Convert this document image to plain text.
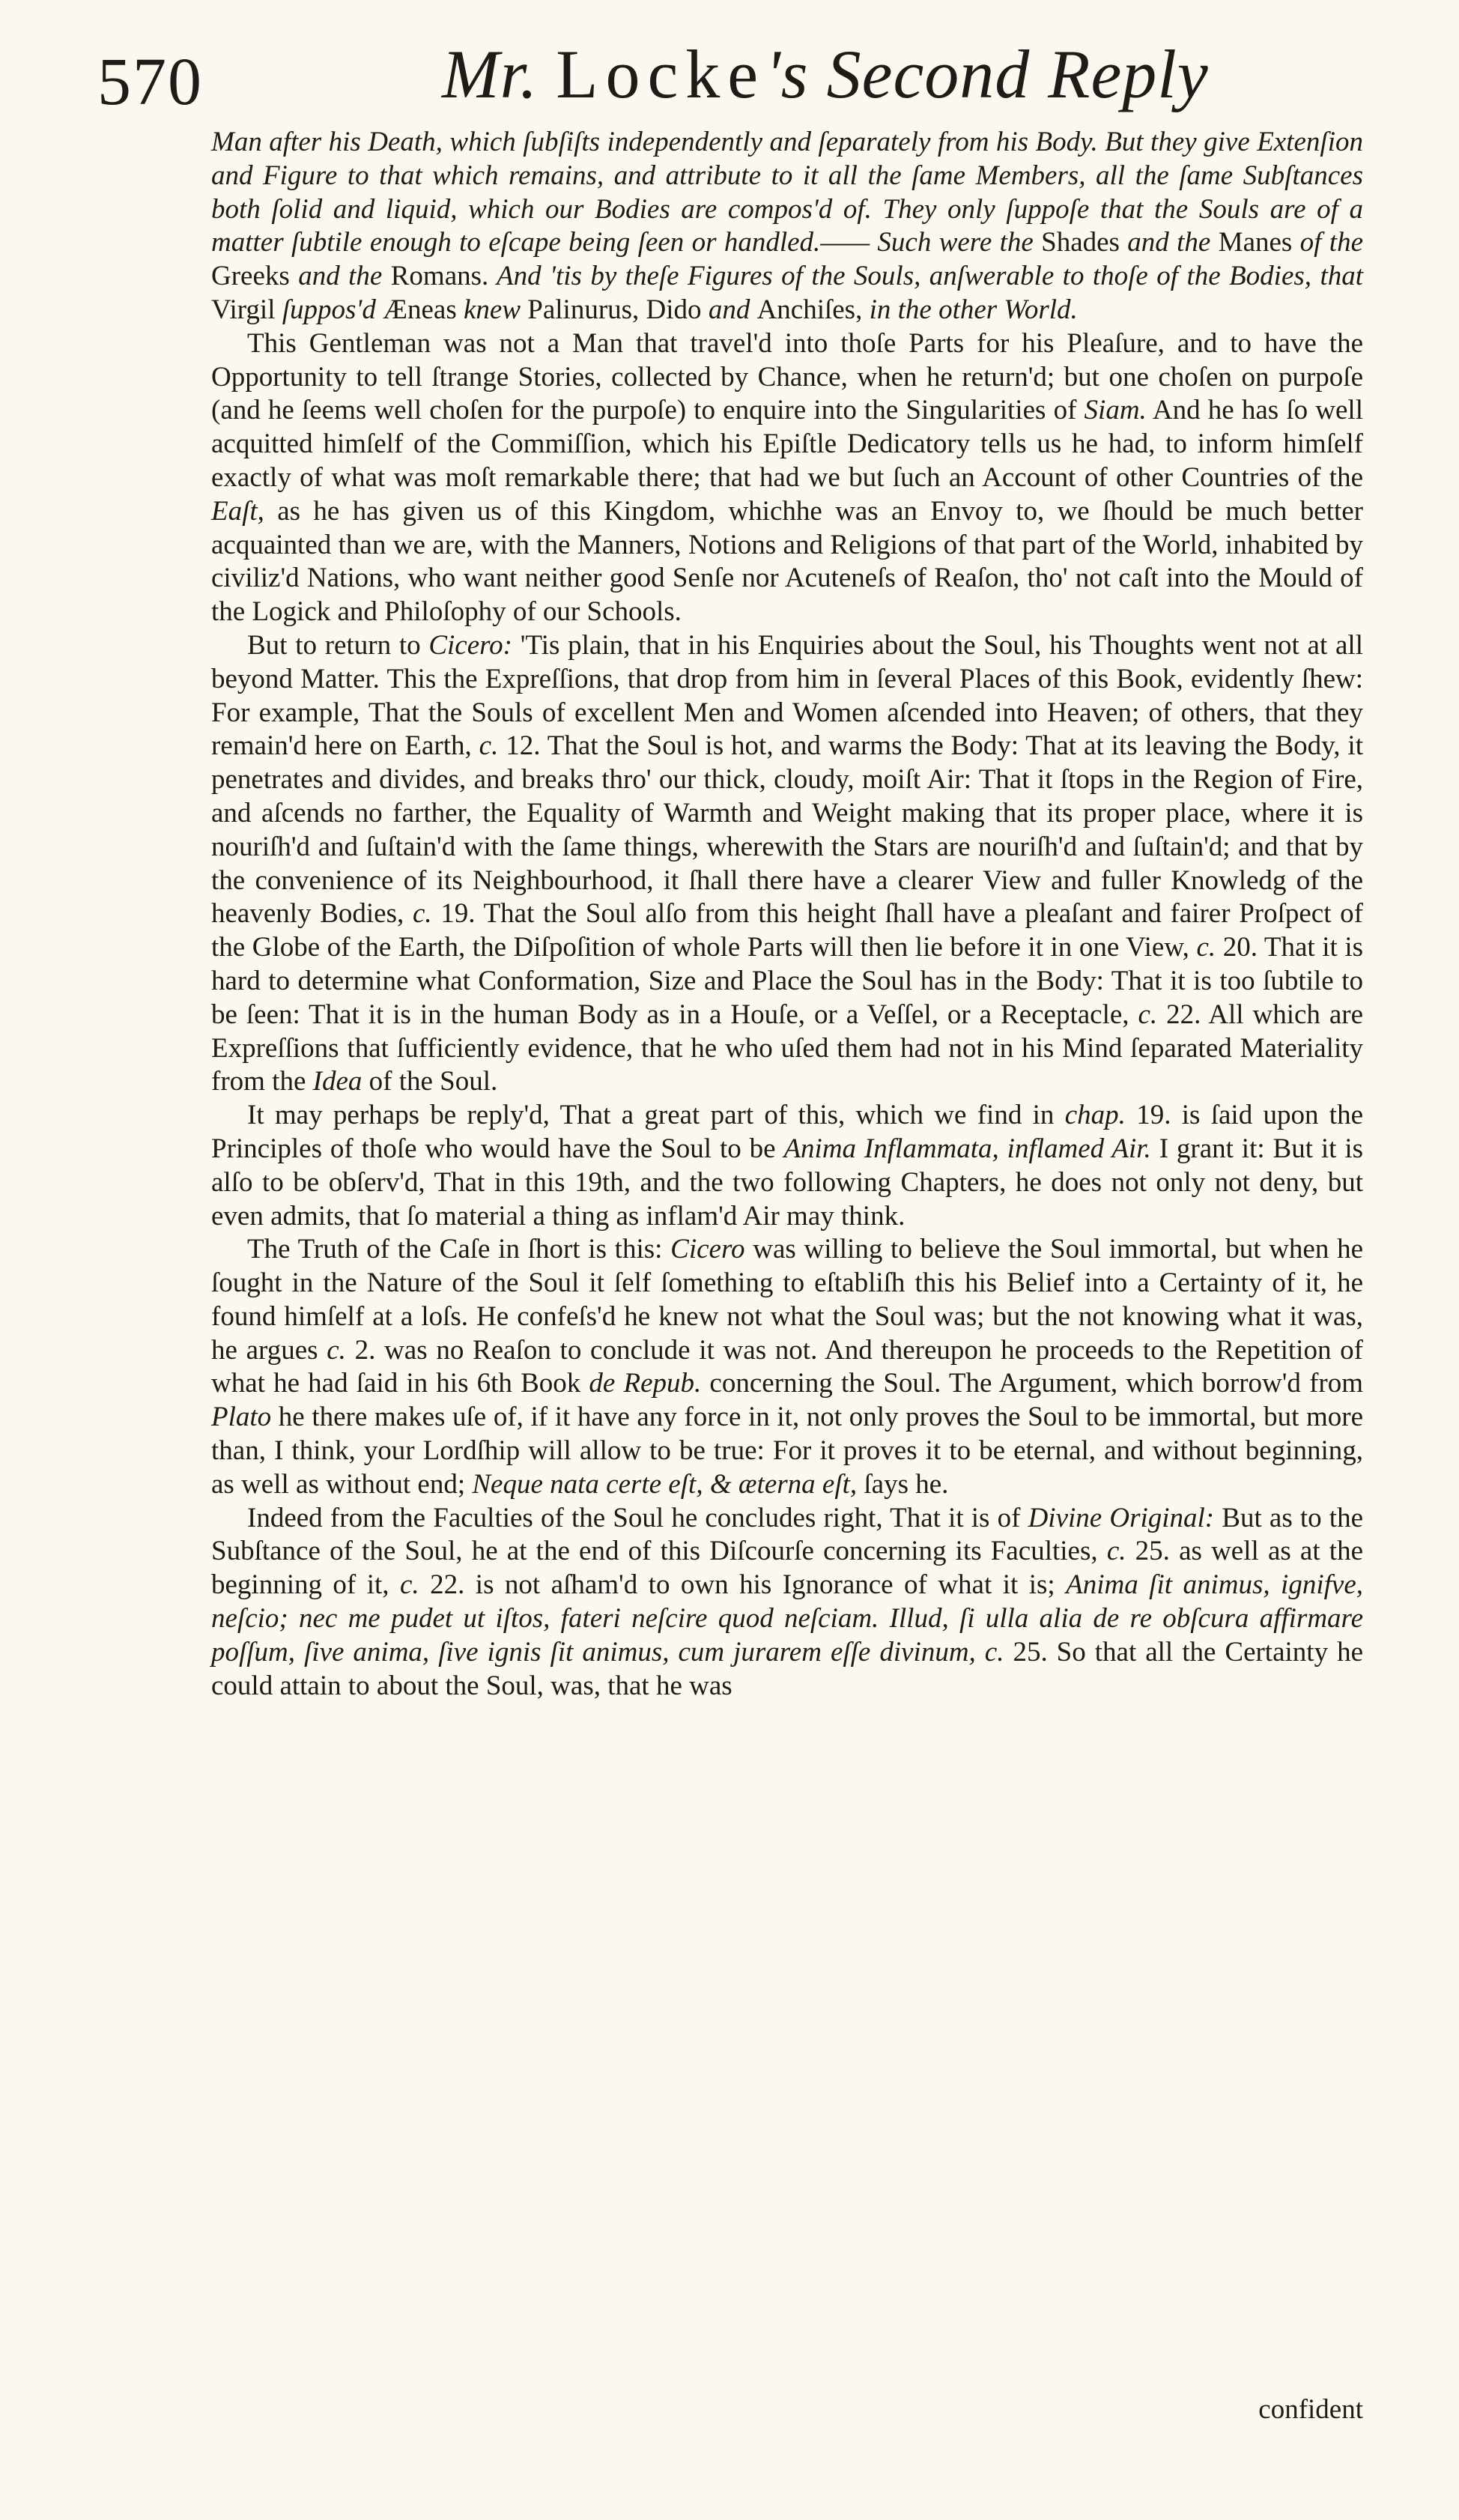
570	Mr. Locke's Second Reply

Man after his Death, which ſubſiſts independently and ſeparately from his Body. But they give Extenſion and Figure to that which remains, and attribute to it all the ſame Members, all the ſame Subſtances both ſolid and liquid, which our Bodies are compos'd of. They only ſuppoſe that the Souls are of a matter ſubtile enough to eſcape being ſeen or handled.—— Such were the Shades and the Manes of the Greeks and the Romans. And 'tis by theſe Figures of the Souls, anſwerable to thoſe of the Bodies, that Virgil ſuppos'd Æneas knew Palinurus, Dido and Anchiſes, in the other World.

This Gentleman was not a Man that travel'd into thoſe Parts for his Pleaſure, and to have the Opportunity to tell ſtrange Stories, collected by Chance, when he return'd; but one choſen on purpoſe (and he ſeems well choſen for the purpoſe) to enquire into the Singularities of Siam. And he has ſo well acquitted himſelf of the Commiſſion, which his Epiſtle Dedicatory tells us he had, to inform himſelf exactly of what was moſt remarkable there; that had we but ſuch an Account of other Countries of the Eaſt, as he has given us of this Kingdom, whichhe was an Envoy to, we ſhould be much better acquainted than we are, with the Manners, Notions and Religions of that part of the World, inhabited by civiliz'd Nations, who want neither good Senſe nor Acuteneſs of Reaſon, tho' not caſt into the Mould of the Logick and Philoſophy of our Schools.

But to return to Cicero: 'Tis plain, that in his Enquiries about the Soul, his Thoughts went not at all beyond Matter. This the Expreſſions, that drop from him in ſeveral Places of this Book, evidently ſhew: For example, That the Souls of excellent Men and Women aſcended into Heaven; of others, that they remain'd here on Earth, c. 12. That the Soul is hot, and warms the Body: That at its leaving the Body, it penetrates and divides, and breaks thro' our thick, cloudy, moiſt Air: That it ſtops in the Region of Fire, and aſcends no farther, the Equality of Warmth and Weight making that its proper place, where it is nouriſh'd and ſuſtain'd with the ſame things, wherewith the Stars are nouriſh'd and ſuſtain'd; and that by the convenience of its Neighbourhood, it ſhall there have a clearer View and fuller Knowledg of the heavenly Bodies, c. 19. That the Soul alſo from this height ſhall have a pleaſant and fairer Proſpect of the Globe of the Earth, the Diſpoſition of whole Parts will then lie before it in one View, c. 20. That it is hard to determine what Conformation, Size and Place the Soul has in the Body: That it is too ſubtile to be ſeen: That it is in the human Body as in a Houſe, or a Veſſel, or a Receptacle, c. 22. All which are Expreſſions that ſufficiently evidence, that he who uſed them had not in his Mind ſeparated Materiality from the Idea of the Soul.

It may perhaps be reply'd, That a great part of this, which we find in chap. 19. is ſaid upon the Principles of thoſe who would have the Soul to be Anima Inflammata, inflamed Air. I grant it: But it is alſo to be obſerv'd, That in this 19th, and the two following Chapters, he does not only not deny, but even admits, that ſo material a thing as inflam'd Air may think.

The Truth of the Caſe in ſhort is this: Cicero was willing to believe the Soul immortal, but when he ſought in the Nature of the Soul it ſelf ſomething to eſtabliſh this his Belief into a Certainty of it, he found himſelf at a loſs. He confeſs'd he knew not what the Soul was; but the not knowing what it was, he argues c. 2. was no Reaſon to conclude it was not. And thereupon he proceeds to the Repetition of what he had ſaid in his 6th Book de Repub. concerning the Soul. The Argument, which borrow'd from Plato he there makes uſe of, if it have any force in it, not only proves the Soul to be immortal, but more than, I think, your Lordſhip will allow to be true: For it proves it to be eternal, and without beginning, as well as without end; Neque nata certe eſt, & æterna eſt, ſays he.

Indeed from the Faculties of the Soul he concludes right, That it is of Divine Original: But as to the Subſtance of the Soul, he at the end of this Diſcourſe concerning its Faculties, c. 25. as well as at the beginning of it, c. 22. is not aſham'd to own his Ignorance of what it is; Anima ſit animus, ignifve, neſcio; nec me pudet ut iſtos, fateri neſcire quod neſciam. Illud, ſi ulla alia de re obſcura affirmare poſſum, ſive anima, ſive ignis ſit animus, cum jurarem eſſe divinum, c. 25. So that all the Certainty he could attain to about the Soul, was, that he was

confident
